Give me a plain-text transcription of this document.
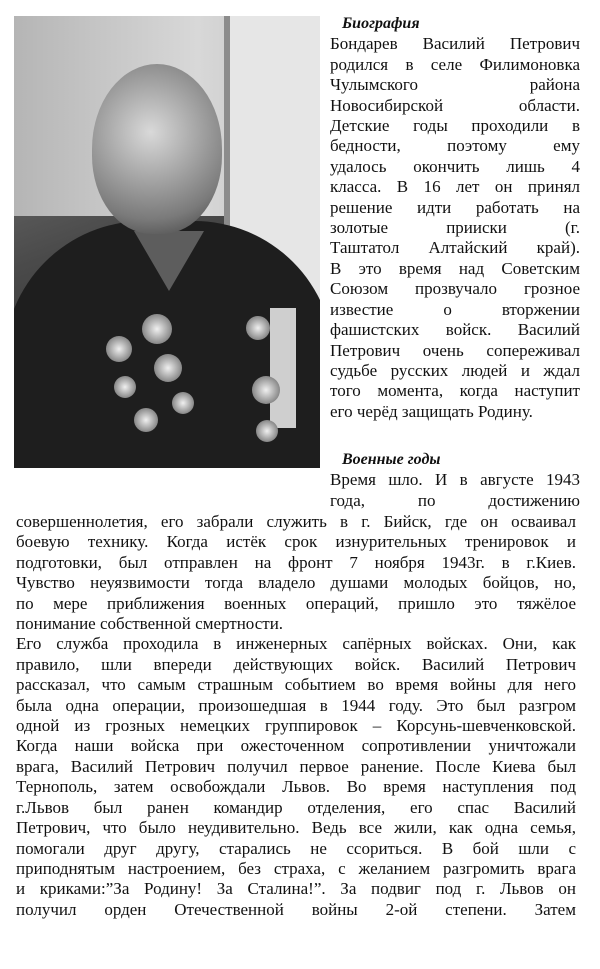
Биография
Бондарев Василий Петрович
родился в селе Филимоновка
Чулымского района
Новосибирской области.
Детские годы проходили в
бедности, поэтому ему
удалось окончить лишь 4
класса. В 16 лет он принял
решение идти работать на
золотые прииски (г.
Таштатол Алтайский край).
В это время над Советским
Союзом прозвучало грозное
известие о вторжении
фашистских войск. Василий
Петрович очень сопереживал
судьбе русских людей и ждал
того момента, когда наступит
его черёд защищать Родину.
Военные годы
Время шло. И в августе 1943
года, по достижению
совершеннолетия, его забрали служить в г. Бийск, где он осваивал
боевую технику. Когда истёк срок изнурительных тренировок и
подготовки, был отправлен на фронт 7 ноября 1943г. в г.Киев.
Чувство неуязвимости тогда владело душами молодых бойцов, но,
по мере приближения военных операций, пришло это тяжёлое
понимание собственной смертности.
Его служба проходила в инженерных сапёрных войсках. Они, как
правило, шли впереди действующих войск. Василий Петрович
рассказал, что самым страшным событием во время войны для него
была одна операции, произошедшая в 1944 году. Это был разгром
одной из грозных немецких группировок – Корсунь-шевченковской.
Когда наши войска при ожесточенном сопротивлении уничтожали
врага, Василий Петрович получил первое ранение. После Киева был
Тернополь, затем освобождали Львов. Во время наступления под
г.Львов был ранен командир отделения, его спас Василий
Петрович, что было неудивительно. Ведь все жили, как одна семья,
помогали друг другу, старались не ссориться. В бой шли с
приподнятым настроением, без страха, с желанием разгромить врага
и криками:”За Родину! За Сталина!”. За подвиг под г. Львов он
получил орден Отечественной войны 2-ой степени. Затем
